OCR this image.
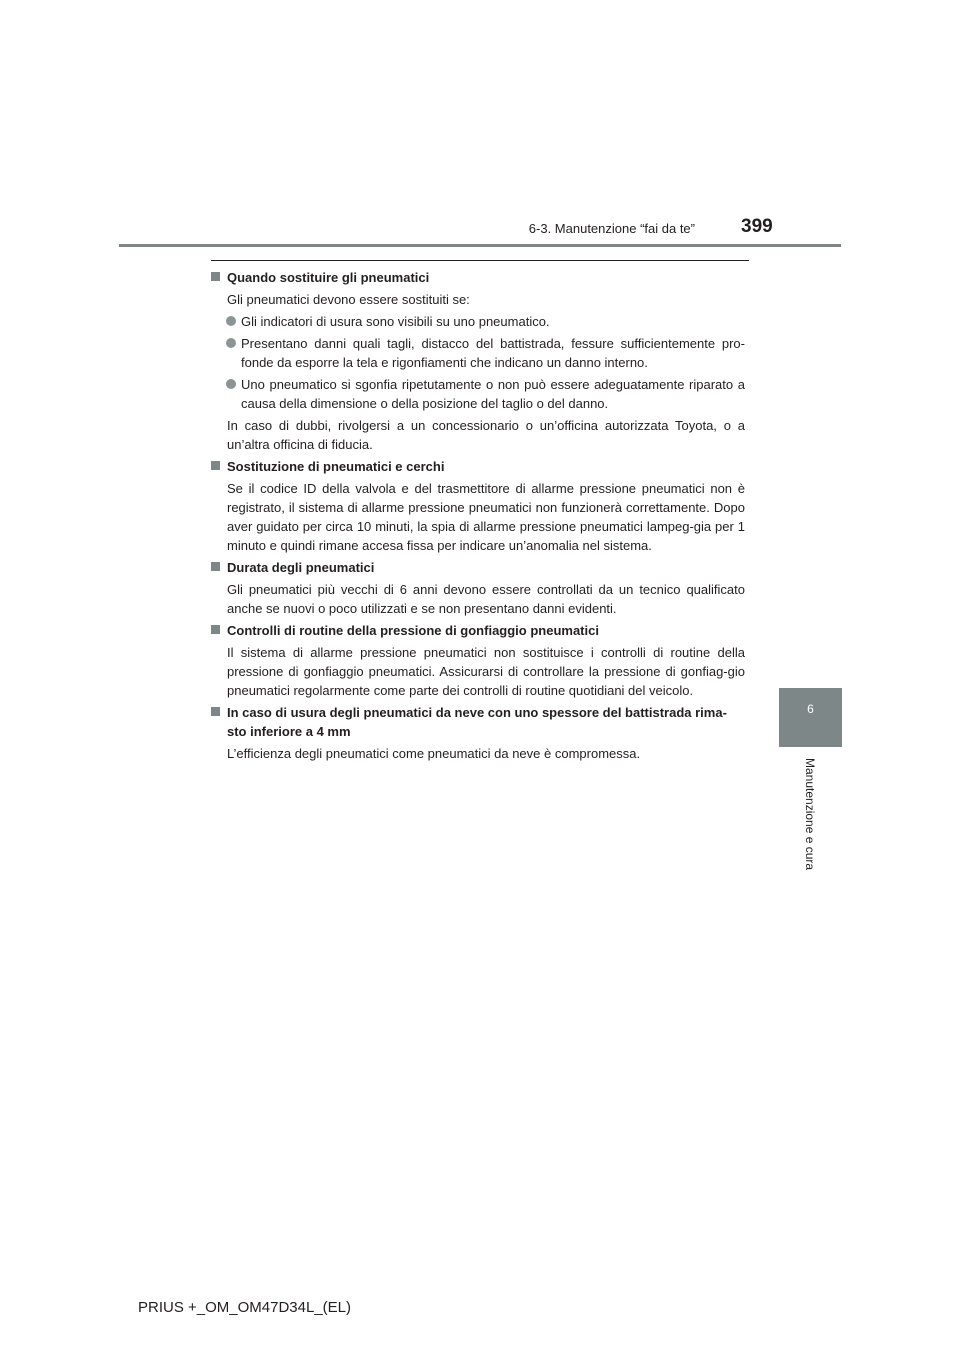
6-3. Manutenzione “fai da te” 399
6
Manutenzione e cura
Quando sostituire gli pneumatici
Gli pneumatici devono essere sostituiti se:
Gli indicatori di usura sono visibili su uno pneumatico.
Presentano danni quali tagli, distacco del battistrada, fessure sufficientemente pro-fonde da esporre la tela e rigonfiamenti che indicano un danno interno.
Uno pneumatico si sgonfia ripetutamente o non può essere adeguatamente riparato a causa della dimensione o della posizione del taglio o del danno.
In caso di dubbi, rivolgersi a un concessionario o un’officina autorizzata Toyota, o a un’altra officina di fiducia.
Sostituzione di pneumatici e cerchi
Se il codice ID della valvola e del trasmettitore di allarme pressione pneumatici non è registrato, il sistema di allarme pressione pneumatici non funzionerà correttamente. Dopo aver guidato per circa 10 minuti, la spia di allarme pressione pneumatici lampeg-gia per 1 minuto e quindi rimane accesa fissa per indicare un’anomalia nel sistema.
Durata degli pneumatici
Gli pneumatici più vecchi di 6 anni devono essere controllati da un tecnico qualificato anche se nuovi o poco utilizzati e se non presentano danni evidenti.
Controlli di routine della pressione di gonfiaggio pneumatici
Il sistema di allarme pressione pneumatici non sostituisce i controlli di routine della pressione di gonfiaggio pneumatici. Assicurarsi di controllare la pressione di gonfiag-gio pneumatici regolarmente come parte dei controlli di routine quotidiani del veicolo.
In caso di usura degli pneumatici da neve con uno spessore del battistrada rima-sto inferiore a 4 mm
L’efficienza degli pneumatici come pneumatici da neve è compromessa.
PRIUS +_OM_OM47D34L_(EL)
